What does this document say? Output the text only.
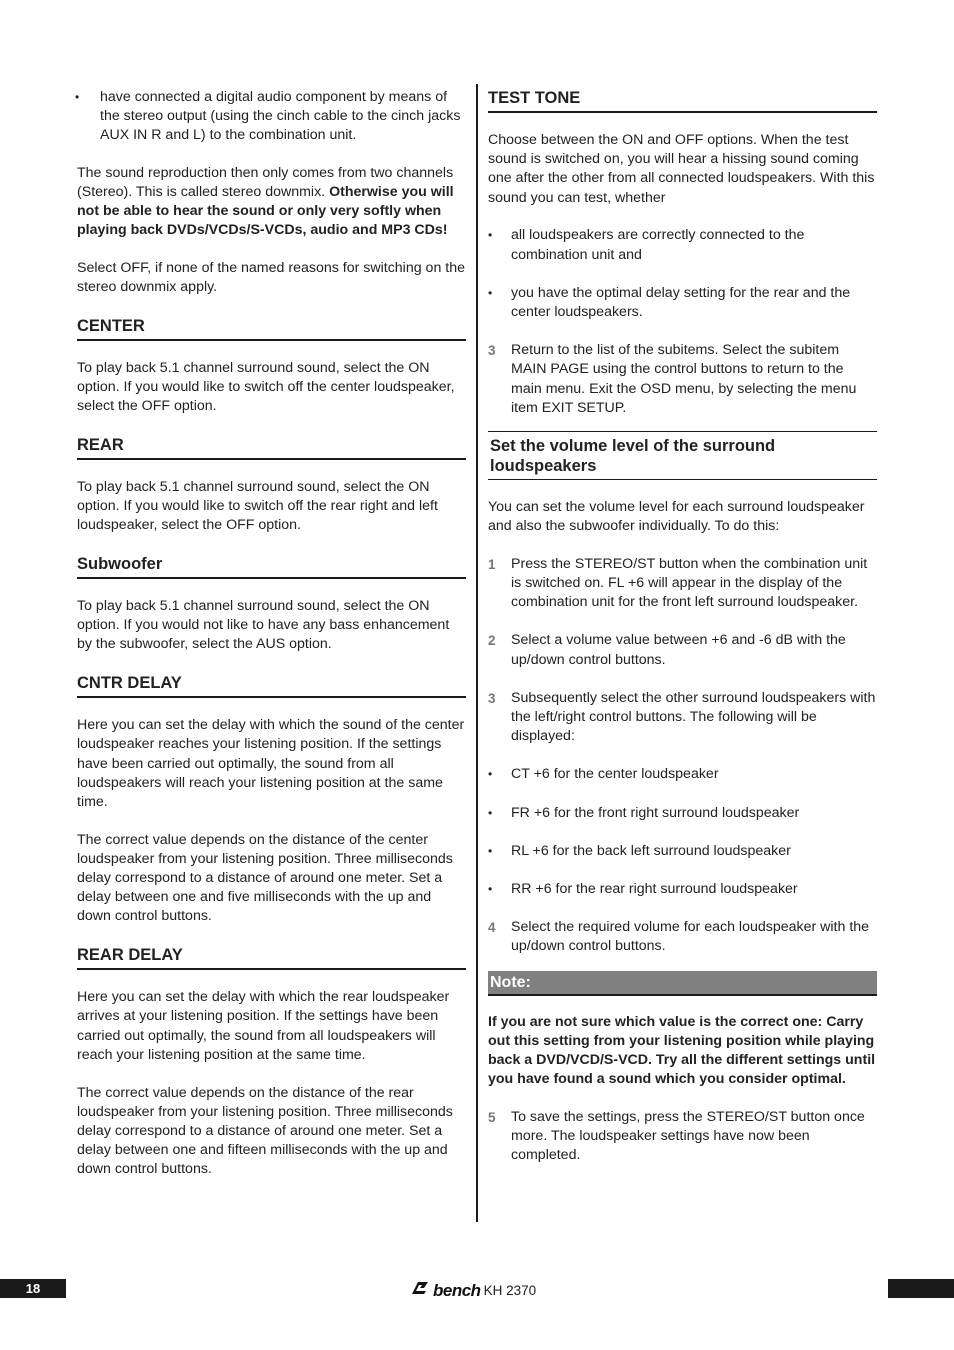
• have connected a digital audio component by means of the stereo output (using the cinch cable to the cinch jacks AUX IN R and L) to the combination unit.

The sound reproduction then only comes from two channels (Stereo). This is called stereo downmix. Otherwise you will not be able to hear the sound or only very softly when playing back DVDs/VCDs/S-VCDs, audio and MP3 CDs!

Select OFF, if none of the named reasons for switching on the stereo downmix apply.

CENTER

To play back 5.1 channel surround sound, select the ON option. If you would like to switch off the center loudspeaker, select the OFF option.

REAR

To play back 5.1 channel surround sound, select the ON option. If you would like to switch off the rear right and left loudspeaker, select the OFF option.

Subwoofer

To play back 5.1 channel surround sound, select the ON option. If you would not like to have any bass enhancement by the subwoofer, select the AUS option.

CNTR DELAY

Here you can set the delay with which the sound of the center loudspeaker reaches your listening position. If the settings have been carried out optimally, the sound from all loudspeakers will reach your listening position at the same time.

The correct value depends on the distance of the center loudspeaker from your listening position. Three milliseconds delay correspond to a distance of around one meter. Set a delay between one and five milliseconds with the up and down control buttons.

REAR DELAY

Here you can set the delay with which the rear loudspeaker arrives at your listening position. If the settings have been carried out optimally, the sound from all loudspeakers will reach your listening position at the same time.

The correct value depends on the distance of the rear loudspeaker from your listening position. Three milliseconds delay correspond to a distance of around one meter. Set a delay between one and fifteen milliseconds with the up and down control buttons.

TEST TONE

Choose between the ON and OFF options. When the test sound is switched on, you will hear a hissing sound coming one after the other from all connected loudspeakers. With this sound you can test, whether

• all loudspeakers are correctly connected to the combination unit and
• you have the optimal delay setting for the rear and the center loudspeakers.
3 Return to the list of the subitems. Select the subitem MAIN PAGE using the control buttons to return to the main menu. Exit the OSD menu, by selecting the menu item EXIT SETUP.
Set the volume level of the surround loudspeakers

You can set the volume level for each surround loudspeaker and also the subwoofer individually. To do this:

1 Press the STEREO/ST button when the combination unit is switched on. FL +6 will appear in the display of the combination unit for the front left surround loudspeaker.
2 Select a volume value between +6 and -6 dB with the up/down control buttons.
3 Subsequently select the other surround loudspeakers with the left/right control buttons. The following will be displayed:
• CT +6 for the center loudspeaker
• FR +6 for the front right surround loudspeaker
• RL +6 for the back left surround loudspeaker
• RR +6 for the rear right surround loudspeaker
4 Select the required volume for each loudspeaker with the up/down control buttons.
Note:

If you are not sure which value is the correct one: Carry out this setting from your listening position while playing back a DVD/VCD/S-VCD. Try all the different settings until you have found a sound which you consider optimal.

5 To save the settings, press the STEREO/ST button once more. The loudspeaker settings have now been completed.
18	bench KH 2370
